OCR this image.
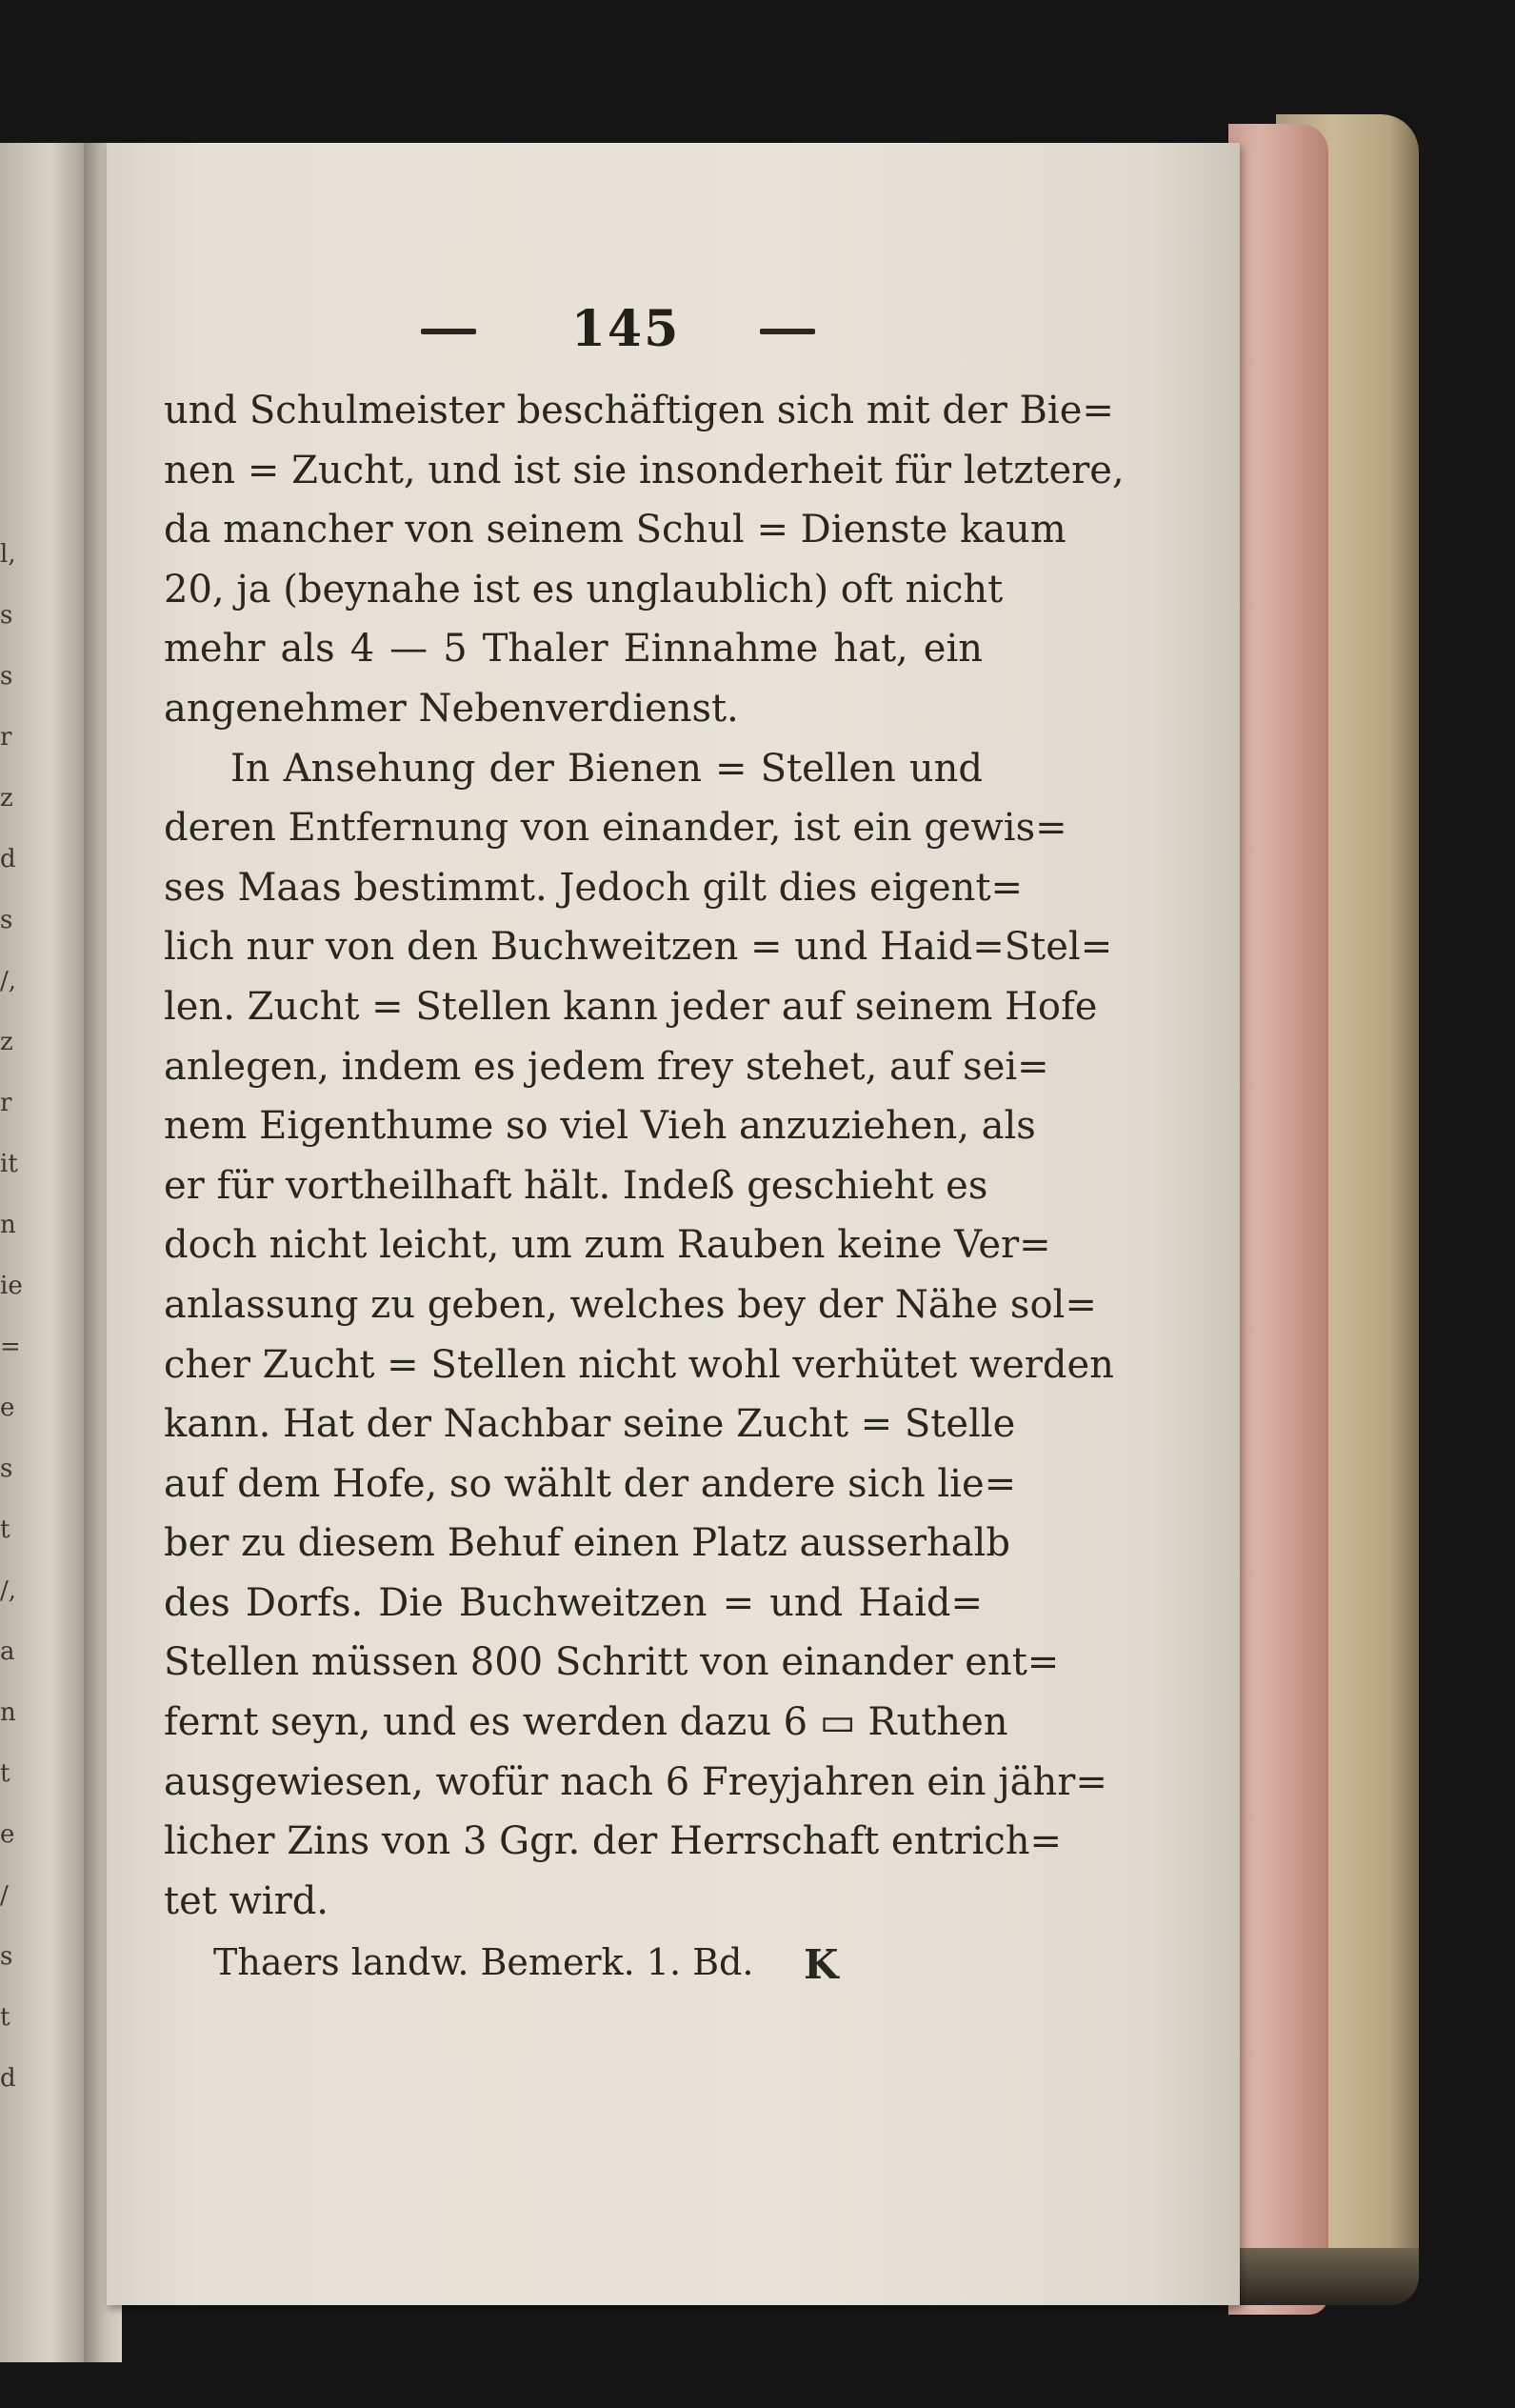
l,
s
s
r
z
d
s
/,
z
r
it
n
ie
=
e
s
t
/,
a
n
t
e
/
s
t
d
145
und Schulmeister beschäftigen sich mit der Bie=
nen = Zucht, und ist sie insonderheit für letztere,
da mancher von seinem Schul = Dienste kaum
20, ja (beynahe ist es unglaublich) oft nicht
mehr als 4 — 5 Thaler Einnahme hat, ein
angenehmer Nebenverdienst.
In Ansehung der Bienen = Stellen und
deren Entfernung von einander, ist ein gewis=
ses Maas bestimmt. Jedoch gilt dies eigent=
lich nur von den Buchweitzen = und Haid=Stel=
len. Zucht = Stellen kann jeder auf seinem Hofe
anlegen, indem es jedem frey stehet, auf sei=
nem Eigenthume so viel Vieh anzuziehen, als
er für vortheilhaft hält. Indeß geschieht es
doch nicht leicht, um zum Rauben keine Ver=
anlassung zu geben, welches bey der Nähe sol=
cher Zucht = Stellen nicht wohl verhütet werden
kann. Hat der Nachbar seine Zucht = Stelle
auf dem Hofe, so wählt der andere sich lie=
ber zu diesem Behuf einen Platz ausserhalb
des Dorfs. Die Buchweitzen = und Haid=
Stellen müssen 800 Schritt von einander ent=
fernt seyn, und es werden dazu 6 ▭ Ruthen
ausgewiesen, wofür nach 6 Freyjahren ein jähr=
licher Zins von 3 Ggr. der Herrschaft entrich=
tet wird.
Thaers landw. Bemerk. 1. Bd. K
